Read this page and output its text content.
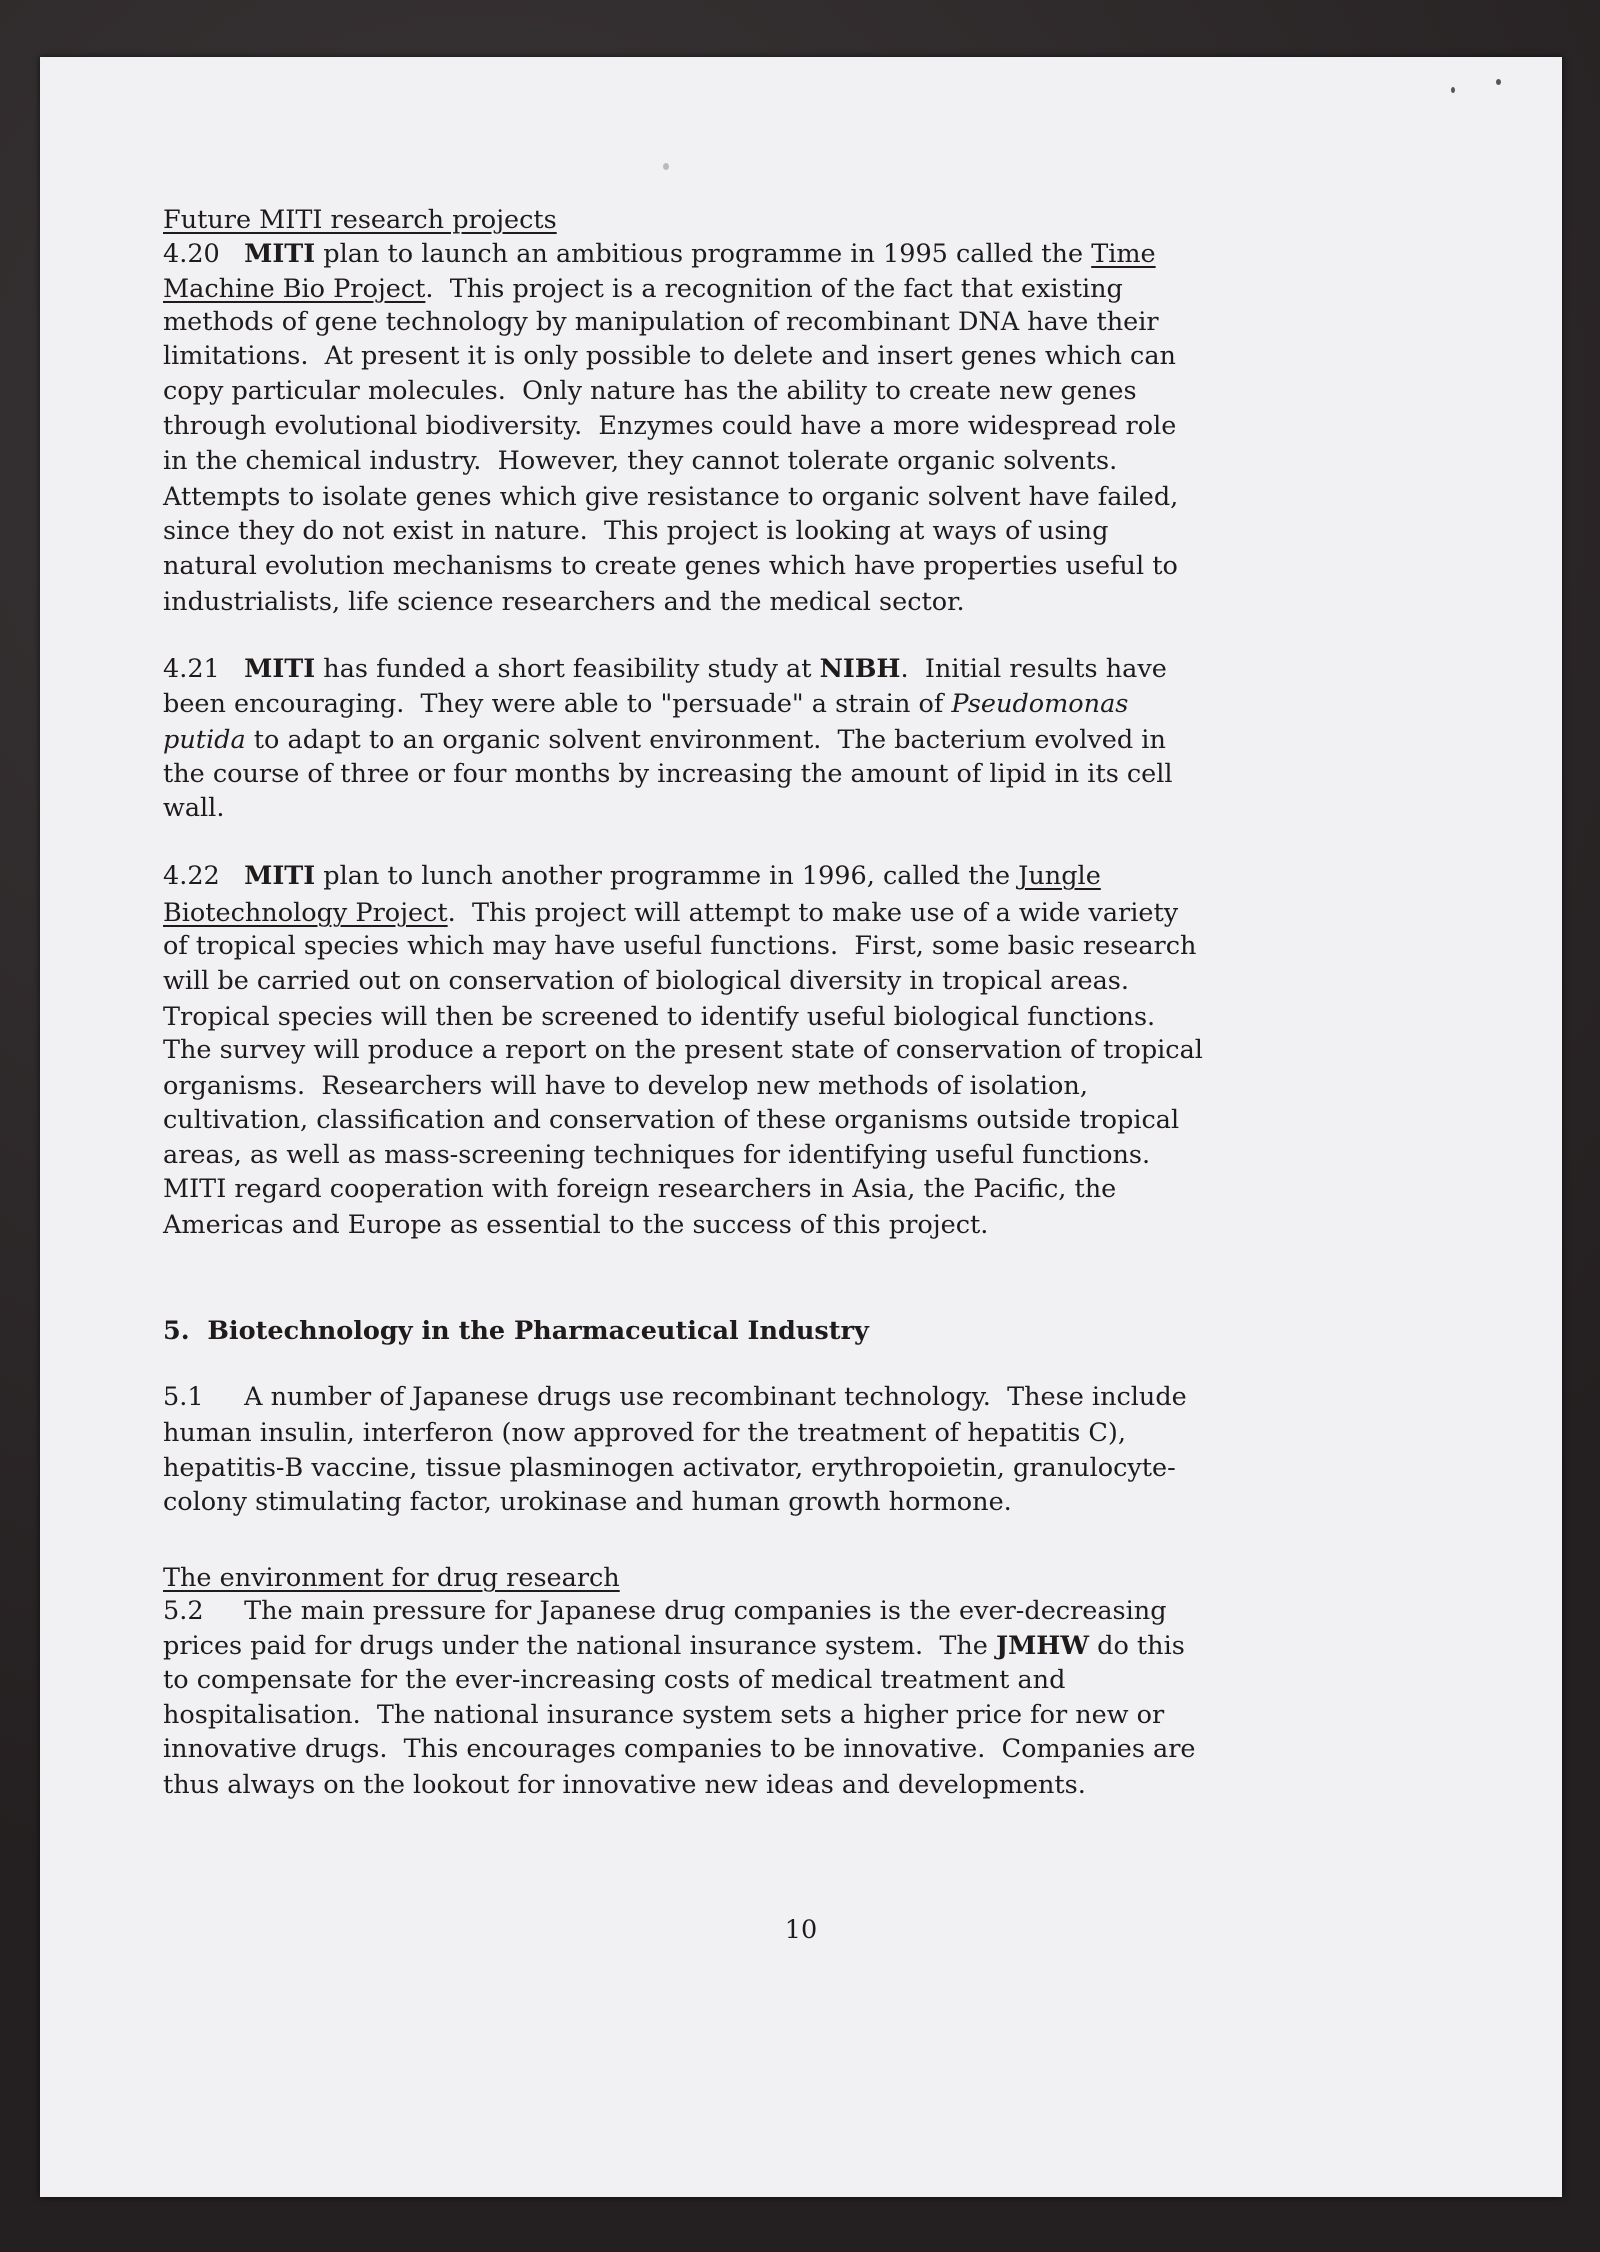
10
Future MITI research projects
4.20   MITI plan to launch an ambitious programme in 1995 called the Time
Machine Bio Project.  This project is a recognition of the fact that existing
methods of gene technology by manipulation of recombinant DNA have their
limitations.  At present it is only possible to delete and insert genes which can
copy particular molecules.  Only nature has the ability to create new genes
through evolutional biodiversity.  Enzymes could have a more widespread role
in the chemical industry.  However, they cannot tolerate organic solvents.
Attempts to isolate genes which give resistance to organic solvent have failed,
since they do not exist in nature.  This project is looking at ways of using
natural evolution mechanisms to create genes which have properties useful to
industrialists, life science researchers and the medical sector.
4.21   MITI has funded a short feasibility study at NIBH.  Initial results have
been encouraging.  They were able to "persuade" a strain of Pseudomonas
putida to adapt to an organic solvent environment.  The bacterium evolved in
the course of three or four months by increasing the amount of lipid in its cell
wall.
4.22   MITI plan to lunch another programme in 1996, called the Jungle
Biotechnology Project.  This project will attempt to make use of a wide variety
of tropical species which may have useful functions.  First, some basic research
will be carried out on conservation of biological diversity in tropical areas.
Tropical species will then be screened to identify useful biological functions.
The survey will produce a report on the present state of conservation of tropical
organisms.  Researchers will have to develop new methods of isolation,
cultivation, classification and conservation of these organisms outside tropical
areas, as well as mass-screening techniques for identifying useful functions.
MITI regard cooperation with foreign researchers in Asia, the Pacific, the
Americas and Europe as essential to the success of this project.
5.  Biotechnology in the Pharmaceutical Industry
5.1     A number of Japanese drugs use recombinant technology.  These include
human insulin, interferon (now approved for the treatment of hepatitis C),
hepatitis-B vaccine, tissue plasminogen activator, erythropoietin, granulocyte-
colony stimulating factor, urokinase and human growth hormone.
The environment for drug research
5.2     The main pressure for Japanese drug companies is the ever-decreasing
prices paid for drugs under the national insurance system.  The JMHW do this
to compensate for the ever-increasing costs of medical treatment and
hospitalisation.  The national insurance system sets a higher price for new or
innovative drugs.  This encourages companies to be innovative.  Companies are
thus always on the lookout for innovative new ideas and developments.
